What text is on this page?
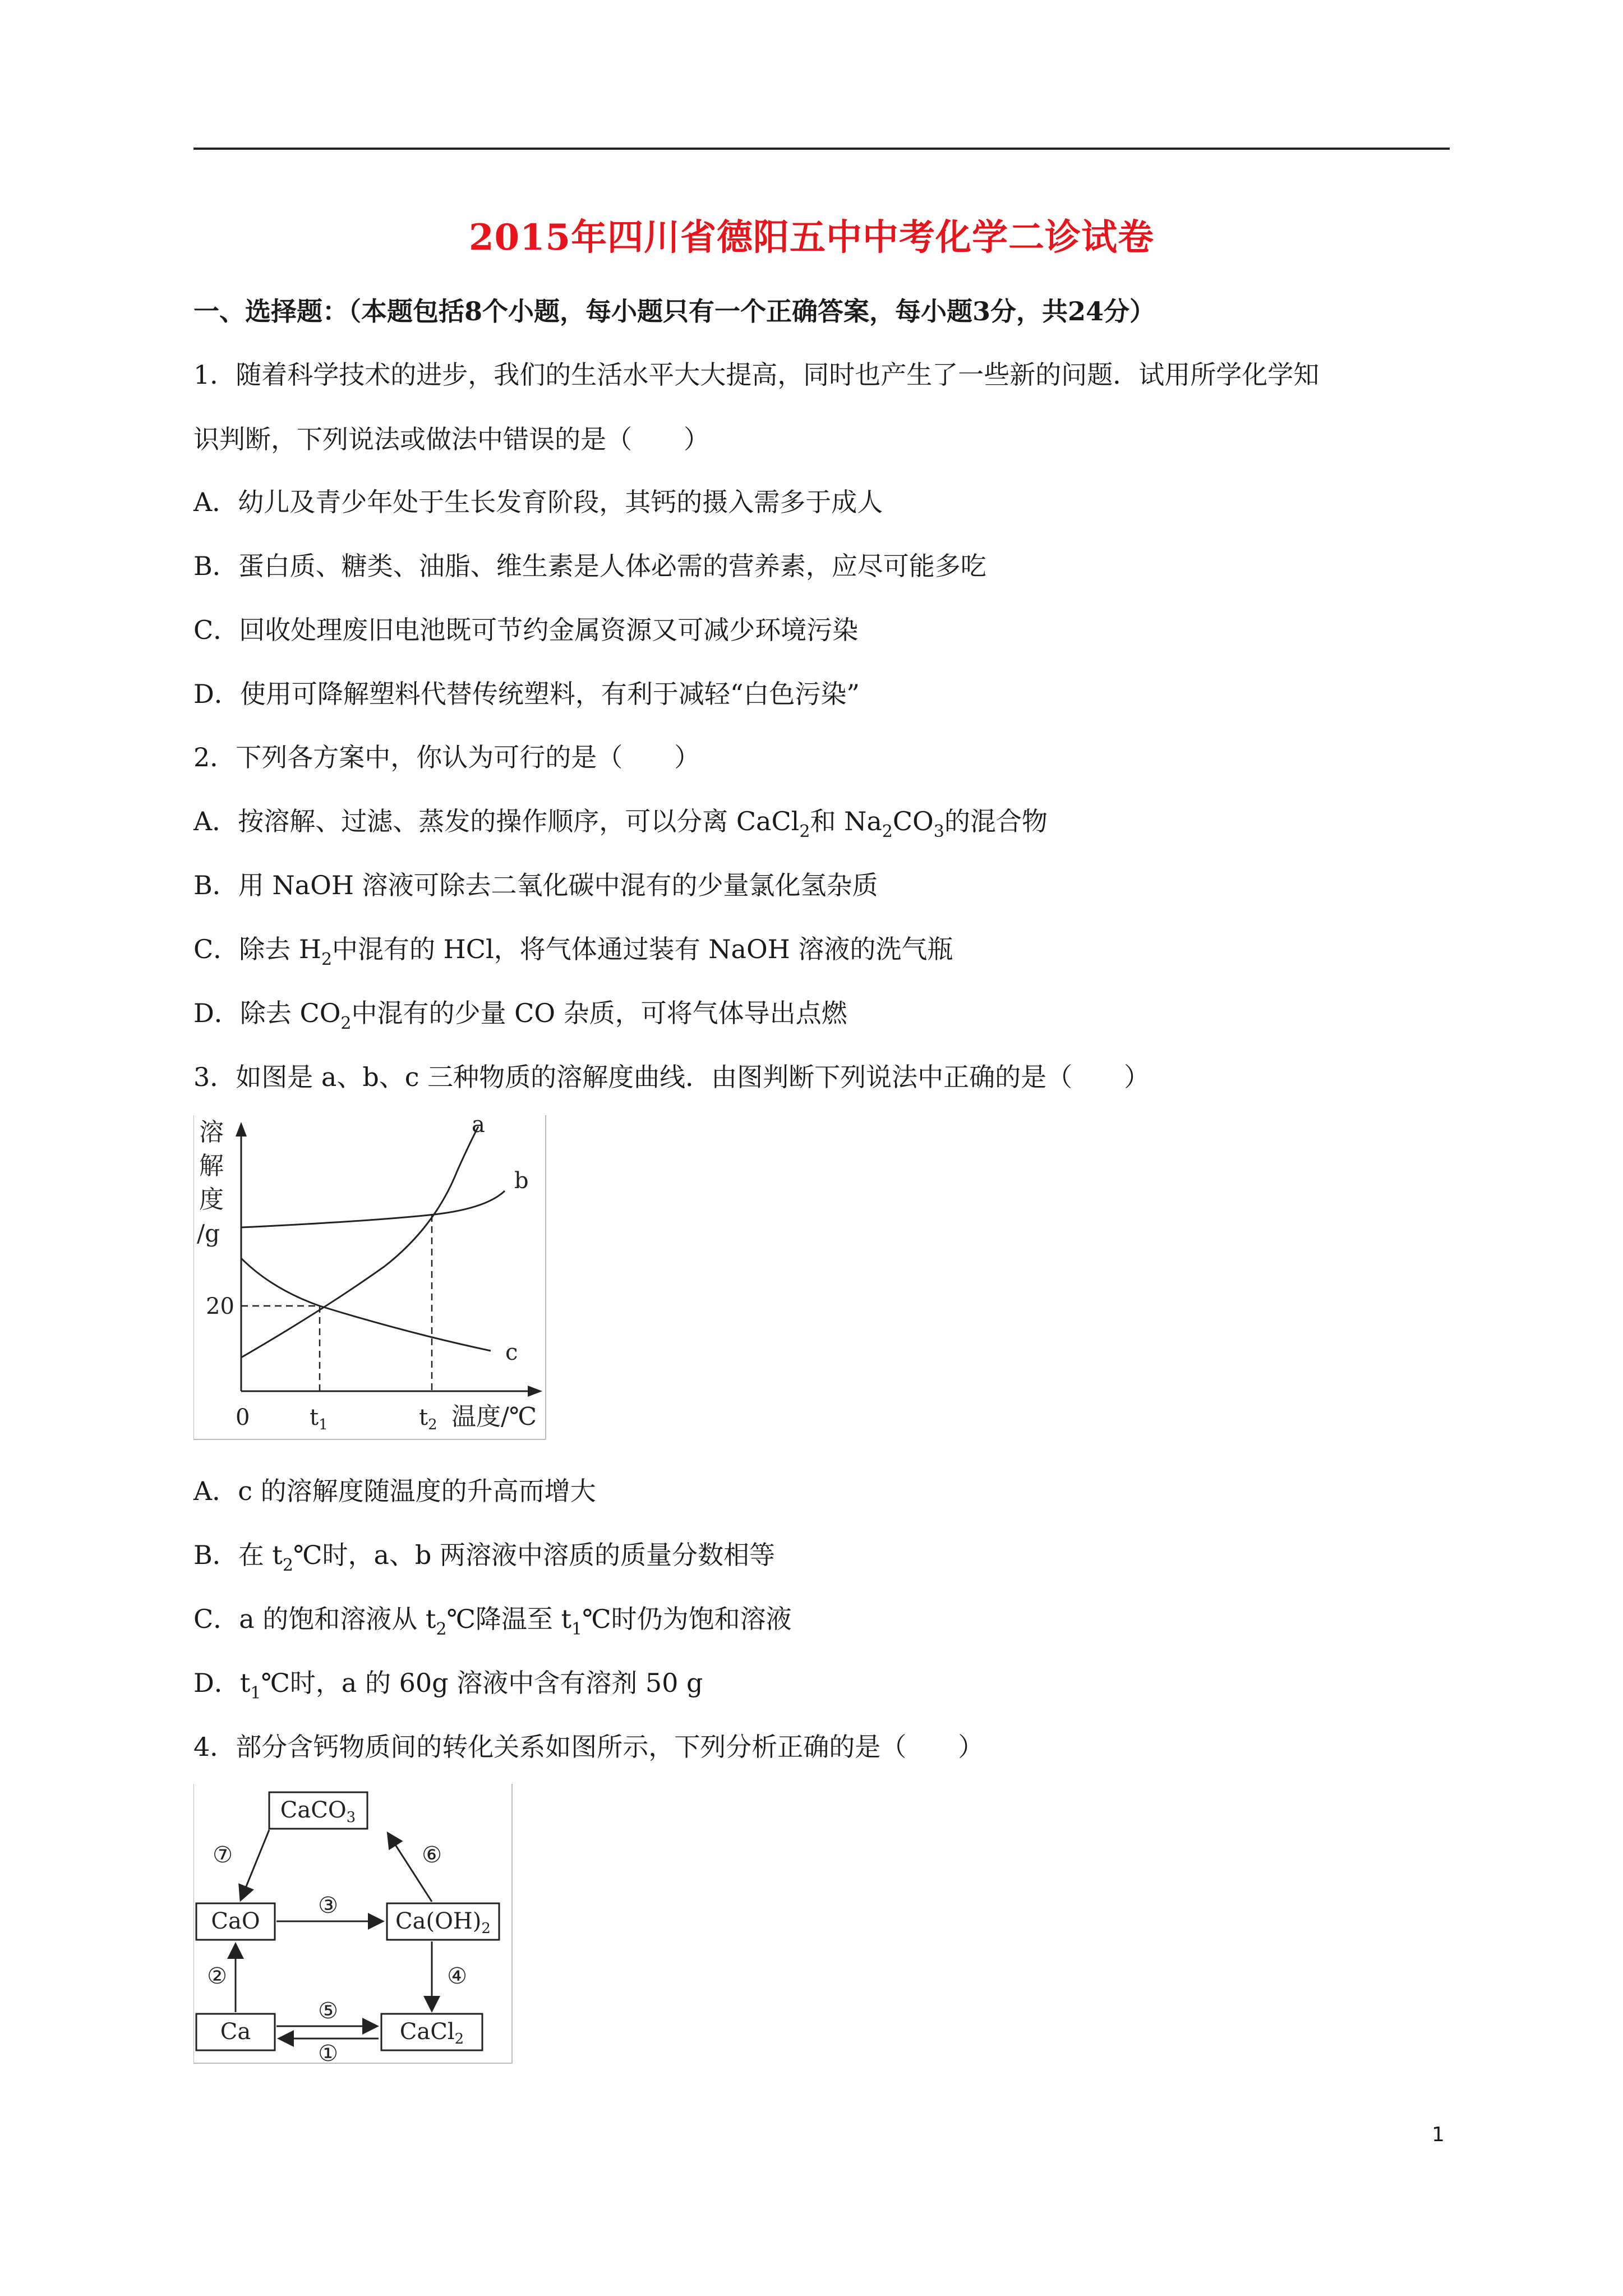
2015年四川省德阳五中中考化学二诊试卷
一、选择题：（本题包括8个小题，每小题只有一个正确答案，每小题3分，共24分）
1．随着科学技术的进步，我们的生活水平大大提高，同时也产生了一些新的问题．试用所学化学知
识判断，下列说法或做法中错误的是（　　）
A．幼儿及青少年处于生长发育阶段，其钙的摄入需多于成人
B．蛋白质、糖类、油脂、维生素是人体必需的营养素，应尽可能多吃
C．回收处理废旧电池既可节约金属资源又可减少环境污染
D．使用可降解塑料代替传统塑料，有利于减轻“白色污染”
2．下列各方案中，你认为可行的是（　　）
A．按溶解、过滤、蒸发的操作顺序，可以分离 CaCl$_2$和 $Na_2CO_3$的混合物
B．用 NaOH 溶液可除去二氧化碳中混有的少量氯化氢杂质
C．除去 $H_2$中混有的 HCl，将气体通过装有 NaOH 溶液的洗气瓶
D．除去 $CO_2$中混有的少量 CO 杂质，可将气体导出点燃
3．如图是 a、b、c 三种物质的溶解度曲线．由图判断下列说法中正确的是（　　）
溶
解
度
/g
20
0	$t_1$	$t_2$ 温度/℃
a
b
c
A．c 的溶解度随温度的升高而增大
B．在 $t_2℃$时，a、b 两溶液中溶质的质量分数相等
C．a 的饱和溶液从 $t_2℃$降温至 $t_1℃$时仍为饱和溶液
D．$t_1℃$时，a 的 60g 溶液中含有溶剂 50 g
4．部分含钙物质间的转化关系如图所示，下列分析正确的是（　　）
CaCO$_3$
CaO	$Ca(OH)_2$
Ca	CaCl$_2$
⑦
③
⑥
④
②
⑤
①
1
